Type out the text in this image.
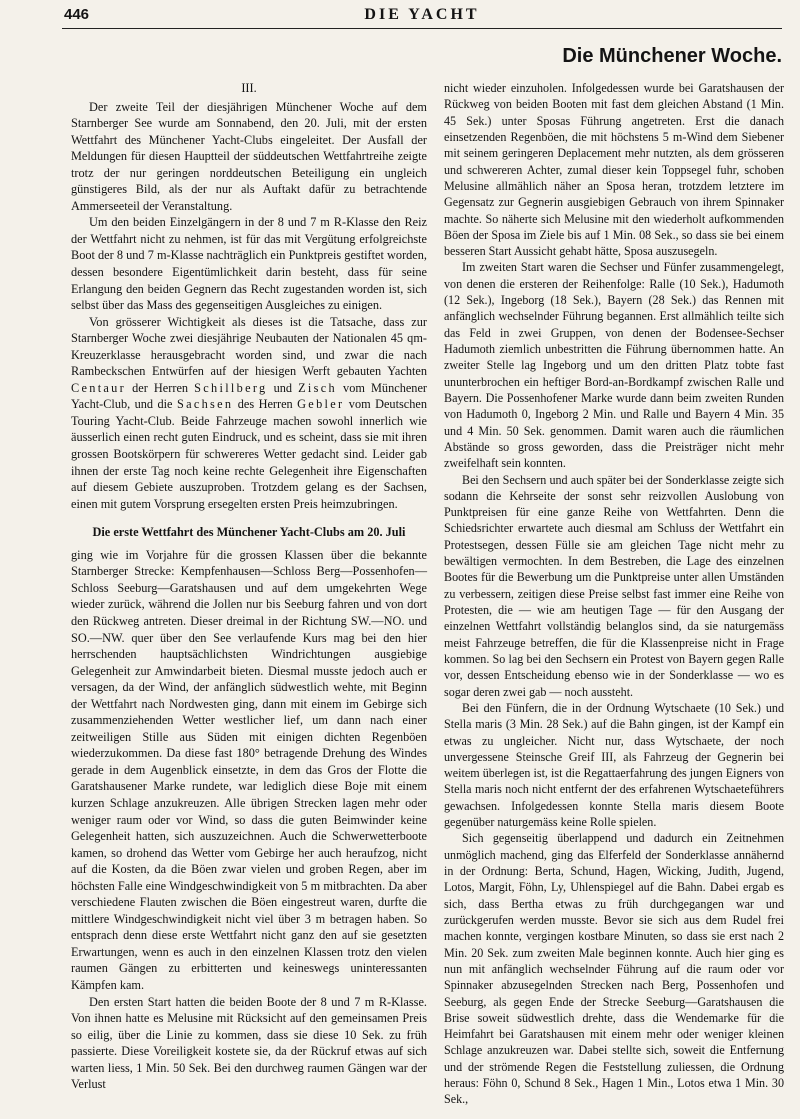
446	DIE YACHT
Die Münchener Woche.
III.

Der zweite Teil der diesjährigen Münchener Woche auf dem Starnberger See wurde am Sonnabend, den 20. Juli, mit der ersten Wettfahrt des Münchener Yacht-Clubs eingeleitet. Der Ausfall der Meldungen für diesen Hauptteil der süddeutschen Wettfahrtreihe zeigte trotz der nur geringen norddeutschen Beteiligung ein ungleich günstigeres Bild, als der nur als Auftakt dafür zu betrachtende Ammerseeteil der Veranstaltung.

Um den beiden Einzelgängern in der 8 und 7 m R-Klasse den Reiz der Wettfahrt nicht zu nehmen, ist für das mit Vergütung erfolgreichste Boot der 8 und 7 m-Klasse nachträglich ein Punktpreis gestiftet worden, dessen besondere Eigentümlichkeit darin besteht, dass für seine Erlangung den beiden Gegnern das Recht zugestanden worden ist, sich selbst über das Mass des gegenseitigen Ausgleiches zu einigen.

Von grösserer Wichtigkeit als dieses ist die Tatsache, dass zur Starnberger Woche zwei diesjährige Neubauten der Nationalen 45 qm-Kreuzerklasse herausgebracht worden sind, und zwar die nach Rambeckschen Entwürfen auf der hiesigen Werft gebauten Yachten Centaur der Herren Schillberg und Zisch vom Münchener Yacht-Club, und die Sachsen des Herren Gebler vom Deutschen Touring Yacht-Club. Beide Fahrzeuge machen sowohl innerlich wie äusserlich einen recht guten Eindruck, und es scheint, dass sie mit ihren grossen Bootskörpern für schwereres Wetter gedacht sind. Leider gab ihnen der erste Tag noch keine rechte Gelegenheit ihre Eigenschaften auf diesem Gebiete auszuproben. Trotzdem gelang es der Sachsen, einen mit gutem Vorsprung ersegelten ersten Preis heimzubringen.

Die erste Wettfahrt des Münchener Yacht-Clubs am 20. Juli

ging wie im Vorjahre für die grossen Klassen über die bekannte Starnberger Strecke: Kempfenhausen—Schloss Berg—Possenhofen—Schloss Seeburg—Garatshausen und auf dem umgekehrten Wege wieder zurück, während die Jollen nur bis Seeburg fahren und von dort den Rückweg antreten. Dieser dreimal in der Richtung SW.—NO. und SO.—NW. quer über den See verlaufende Kurs mag bei den hier herrschenden hauptsächlichsten Windrichtungen ausgiebige Gelegenheit zur Amwindarbeit bieten. Diesmal musste jedoch auch er versagen, da der Wind, der anfänglich südwestlich wehte, mit Beginn der Wettfahrt nach Nordwesten ging, dann mit einem im Gebirge sich zusammenziehenden Wetter westlicher lief, um dann nach einer zeitweiligen Stille aus Süden mit einigen dichten Regenböen wiederzukommen. Da diese fast 180° betragende Drehung des Windes gerade in dem Augenblick einsetzte, in dem das Gros der Flotte die Garatshausener Marke rundete, war lediglich diese Boje mit einem kurzen Schlage anzukreuzen. Alle übrigen Strecken lagen mehr oder weniger raum oder vor Wind, so dass die guten Beimwinder keine Gelegenheit hatten, sich auszuzeichnen. Auch die Schwerwetterboote kamen, so drohend das Wetter vom Gebirge her auch heraufzog, nicht auf die Kosten, da die Böen zwar vielen und groben Regen, aber im höchsten Falle eine Windgeschwindigkeit von 5 m mitbrachten. Da aber verschiedene Flauten zwischen die Böen eingestreut waren, durfte die mittlere Windgeschwindigkeit nicht viel über 3 m betragen haben. So entsprach denn diese erste Wettfahrt nicht ganz den auf sie gesetzten Erwartungen, wenn es auch in den einzelnen Klassen trotz den vielen raumen Gängen zu erbitterten und keineswegs uninteressanten Kämpfen kam.

Den ersten Start hatten die beiden Boote der 8 und 7 m R-Klasse. Von ihnen hatte es Melusine mit Rücksicht auf den gemeinsamen Preis so eilig, über die Linie zu kommen, dass sie diese 10 Sek. zu früh passierte. Diese Voreiligkeit kostete sie, da der Rückruf etwas auf sich warten liess, 1 Min. 50 Sek. Bei den durchweg raumen Gängen war der Verlust

nicht wieder einzuholen. Infolgedessen wurde bei Garatshausen der Rückweg von beiden Booten mit fast dem gleichen Abstand (1 Min. 45 Sek.) unter Sposas Führung angetreten. Erst die danach einsetzenden Regenböen, die mit höchstens 5 m-Wind dem Siebener mit seinem geringeren Deplacement mehr nutzten, als dem grösseren und schwereren Achter, zumal dieser kein Toppsegel fuhr, schoben Melusine allmählich näher an Sposa heran, trotzdem letztere im Gegensatz zur Gegnerin ausgiebigen Gebrauch von ihrem Spinnaker machte. So näherte sich Melusine mit den wiederholt aufkommenden Böen der Sposa im Ziele bis auf 1 Min. 08 Sek., so dass sie bei einem besseren Start Aussicht gehabt hätte, Sposa auszusegeln.

Im zweiten Start waren die Sechser und Fünfer zusammengelegt, von denen die ersteren der Reihenfolge: Ralle (10 Sek.), Hadumoth (12 Sek.), Ingeborg (18 Sek.), Bayern (28 Sek.) das Rennen mit anfänglich wechselnder Führung begannen. Erst allmählich teilte sich das Feld in zwei Gruppen, von denen der Bodensee-Sechser Hadumoth ziemlich unbestritten die Führung übernommen hatte. An zweiter Stelle lag Ingeborg und um den dritten Platz tobte fast ununterbrochen ein heftiger Bord-an-Bordkampf zwischen Ralle und Bayern. Die Possenhofener Marke wurde dann beim zweiten Runden von Hadumoth 0, Ingeborg 2 Min. und Ralle und Bayern 4 Min. 35 und 4 Min. 50 Sek. genommen. Damit waren auch die räumlichen Abstände so gross geworden, dass die Preisträger nicht mehr zweifelhaft sein konnten.

Bei den Sechsern und auch später bei der Sonderklasse zeigte sich sodann die Kehrseite der sonst sehr reizvollen Auslobung von Punktpreisen für eine ganze Reihe von Wettfahrten. Denn die Schiedsrichter erwartete auch diesmal am Schluss der Wettfahrt ein Protestsegen, dessen Fülle sie am gleichen Tage nicht mehr zu bewältigen vermochten. In dem Bestreben, die Lage des einzelnen Bootes für die Bewerbung um die Punktpreise unter allen Umständen zu verbessern, zeitigen diese Preise selbst fast immer eine Reihe von Protesten, die — wie am heutigen Tage — für den Ausgang der einzelnen Wettfahrt vollständig belanglos sind, da sie naturgemäss meist Fahrzeuge betreffen, die für die Klassenpreise nicht in Frage kommen. So lag bei den Sechsern ein Protest von Bayern gegen Ralle vor, dessen Entscheidung ebenso wie in der Sonderklasse — wo es sogar deren zwei gab — noch aussteht.

Bei den Fünfern, die in der Ordnung Wytschaete (10 Sek.) und Stella maris (3 Min. 28 Sek.) auf die Bahn gingen, ist der Kampf ein etwas zu ungleicher. Nicht nur, dass Wytschaete, der noch unvergessene Steinsche Greif III, als Fahrzeug der Gegnerin bei weitem überlegen ist, ist die Regattaerfahrung des jungen Eigners von Stella maris noch nicht entfernt der des erfahrenen Wytschaeteführers gewachsen. Infolgedessen konnte Stella maris diesem Boote gegenüber naturgemäss keine Rolle spielen.

Sich gegenseitig überlappend und dadurch ein Zeitnehmen unmöglich machend, ging das Elferfeld der Sonderklasse annähernd in der Ordnung: Berta, Schund, Hagen, Wicking, Judith, Jugend, Lotos, Margit, Föhn, Ly, Uhlenspiegel auf die Bahn. Dabei ergab es sich, dass Bertha etwas zu früh durchgegangen war und zurückgerufen werden musste. Bevor sie sich aus dem Rudel frei machen konnte, vergingen kostbare Minuten, so dass sie erst nach 2 Min. 20 Sek. zum zweiten Male beginnen konnte. Auch hier ging es nun mit anfänglich wechselnder Führung auf die raum oder vor Spinnaker abzusegelnden Strecken nach Berg, Possenhofen und Seeburg, als gegen Ende der Strecke Seeburg—Garatshausen die Brise soweit südwestlich drehte, dass die Wendemarke für die Heimfahrt bei Garatshausen mit einem mehr oder weniger kleinen Schlage anzukreuzen war. Dabei stellte sich, soweit die Entfernung und der strömende Regen die Feststellung zuliessen, die Ordnung heraus: Föhn 0, Schund 8 Sek., Hagen 1 Min., Lotos etwa 1 Min. 30 Sek.,
